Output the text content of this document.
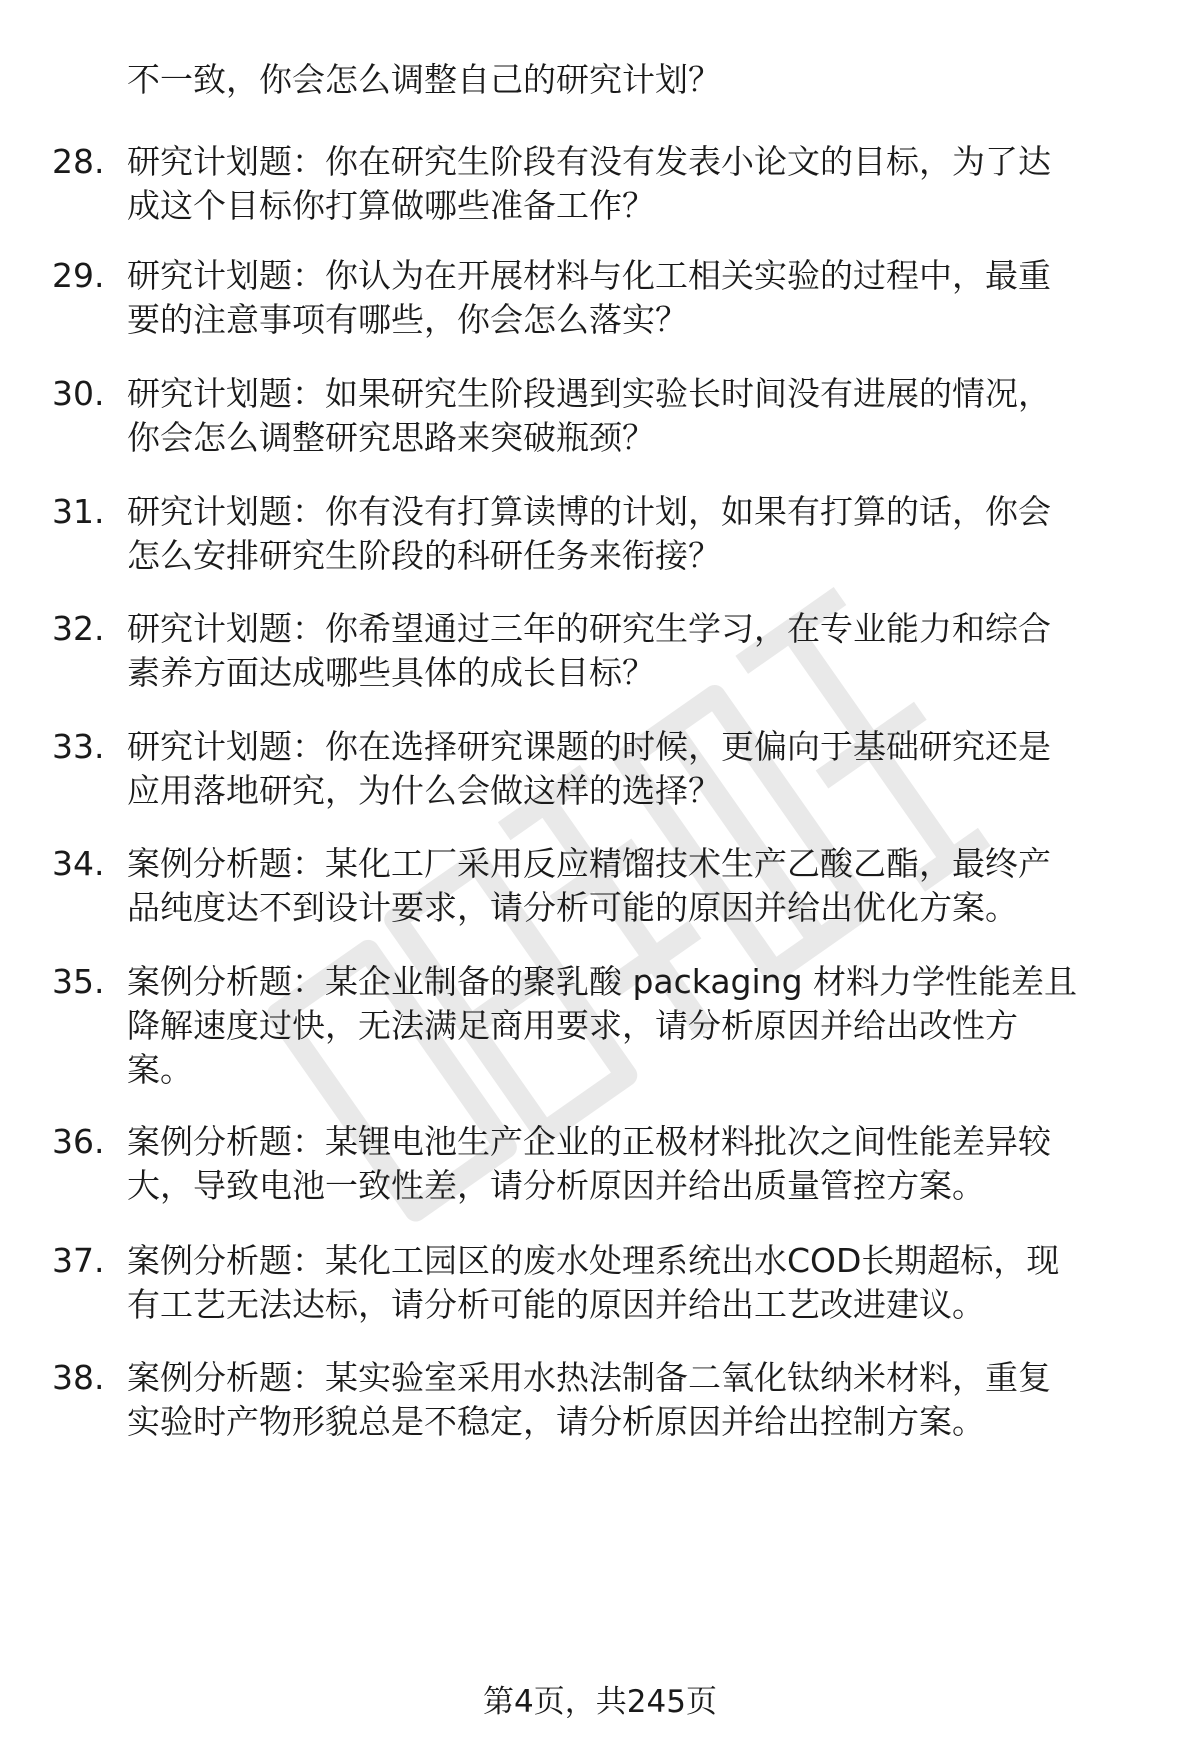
不一致，你会怎么调整自己的研究计划？
28. 研究计划题：你在研究生阶段有没有发表小论文的目标，为了达
成这个目标你打算做哪些准备工作？
29. 研究计划题：你认为在开展材料与化工相关实验的过程中，最重
要的注意事项有哪些，你会怎么落实？
30. 研究计划题：如果研究生阶段遇到实验长时间没有进展的情况，
你会怎么调整研究思路来突破瓶颈？
31. 研究计划题：你有没有打算读博的计划，如果有打算的话，你会
怎么安排研究生阶段的科研任务来衔接？
32. 研究计划题：你希望通过三年的研究生学习，在专业能力和综合
素养方面达成哪些具体的成长目标？
33. 研究计划题：你在选择研究课题的时候，更偏向于基础研究还是
应用落地研究，为什么会做这样的选择？
34. 案例分析题：某化工厂采用反应精馏技术生产乙酸乙酯，最终产
品纯度达不到设计要求，请分析可能的原因并给出优化方案。
35. 案例分析题：某企业制备的聚乳酸 packaging 材料力学性能差且
降解速度过快，无法满足商用要求，请分析原因并给出改性方
案。
36. 案例分析题：某锂电池生产企业的正极材料批次之间性能差异较
大，导致电池一致性差，请分析原因并给出质量管控方案。
37. 案例分析题：某化工园区的废水处理系统出水COD长期超标，现
有工艺无法达标，请分析可能的原因并给出工艺改进建议。
38. 案例分析题：某实验室采用水热法制备二氧化钛纳米材料，重复
实验时产物形貌总是不稳定，请分析原因并给出控制方案。
第4页，共245页
